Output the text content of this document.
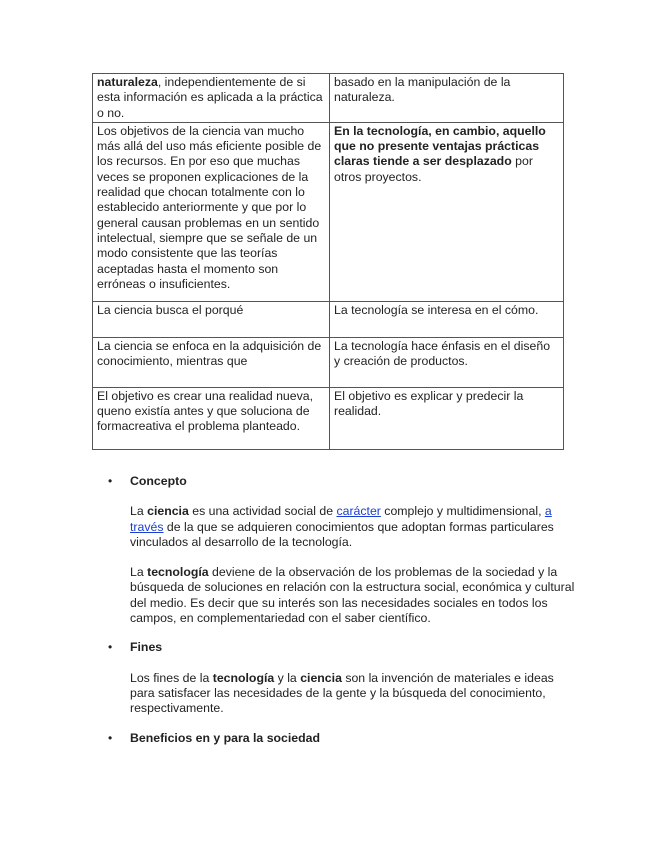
naturaleza, independientemente de si esta información es aplicada a la práctica o no.	basado en la manipulación de la naturaleza.
Los objetivos de la ciencia van mucho más allá del uso más eficiente posible de los recursos. En por eso que muchas veces se proponen explicaciones de la realidad que chocan totalmente con lo establecido anteriormente y que por lo general causan problemas en un sentido intelectual, siempre que se señale de un modo consistente que las teorías aceptadas hasta el momento son erróneas o insuficientes.	En la tecnología, en cambio, aquello que no presente ventajas prácticas claras tiende a ser desplazado por otros proyectos.
La ciencia busca el porqué	La tecnología se interesa en el cómo.
La ciencia se enfoca en la adquisición de conocimiento, mientras que	La tecnología hace énfasis en el diseño y creación de productos.
El objetivo es crear una realidad nueva, queno existía antes y que soluciona de formacreativa el problema planteado.	El objetivo es explicar y predecir la realidad.
• Concepto
La ciencia es una actividad social de carácter complejo y multidimensional, a través de la que se adquieren conocimientos que adoptan formas particulares vinculados al desarrollo de la tecnología.
La tecnología deviene de la observación de los problemas de la sociedad y la búsqueda de soluciones en relación con la estructura social, económica y cultural del medio. Es decir que su interés son las necesidades sociales en todos los campos, en complementariedad con el saber científico.
• Fines
Los fines de la tecnología y la ciencia son la invención de materiales e ideas para satisfacer las necesidades de la gente y la búsqueda del conocimiento, respectivamente.
• Beneficios en y para la sociedad
